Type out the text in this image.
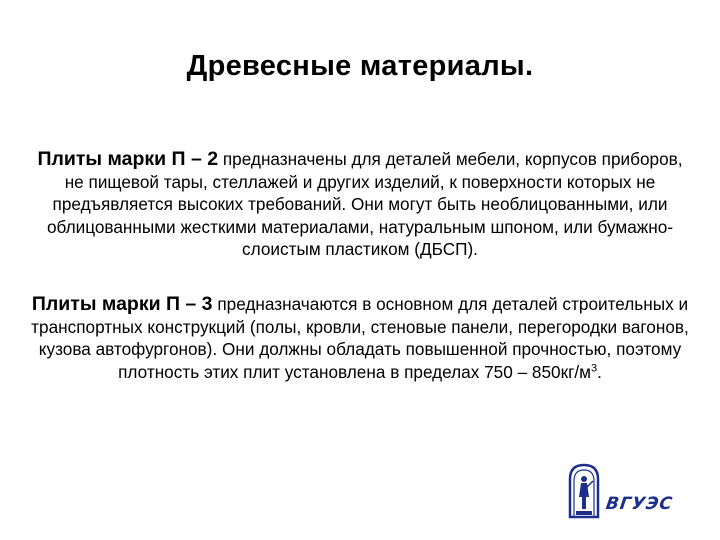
Древесные материалы.
Плиты марки П – 2 предназначены для деталей мебели, корпусов приборов, не пищевой тары, стеллажей и других изделий, к поверхности которых не предъявляется высоких требований. Они могут быть необлицованными, или облицованными жесткими материалами, натуральным шпоном, или бумажно-слоистым пластиком (ДБСП).
Плиты марки П – 3 предназначаются в основном для деталей строительных и транспортных конструкций (полы, кровли, стеновые панели, перегородки вагонов, кузова автофургонов). Они должны обладать повышенной прочностью, поэтому плотность этих плит установлена в пределах $750 - 850кг/м^3$.
ВГУЭС
